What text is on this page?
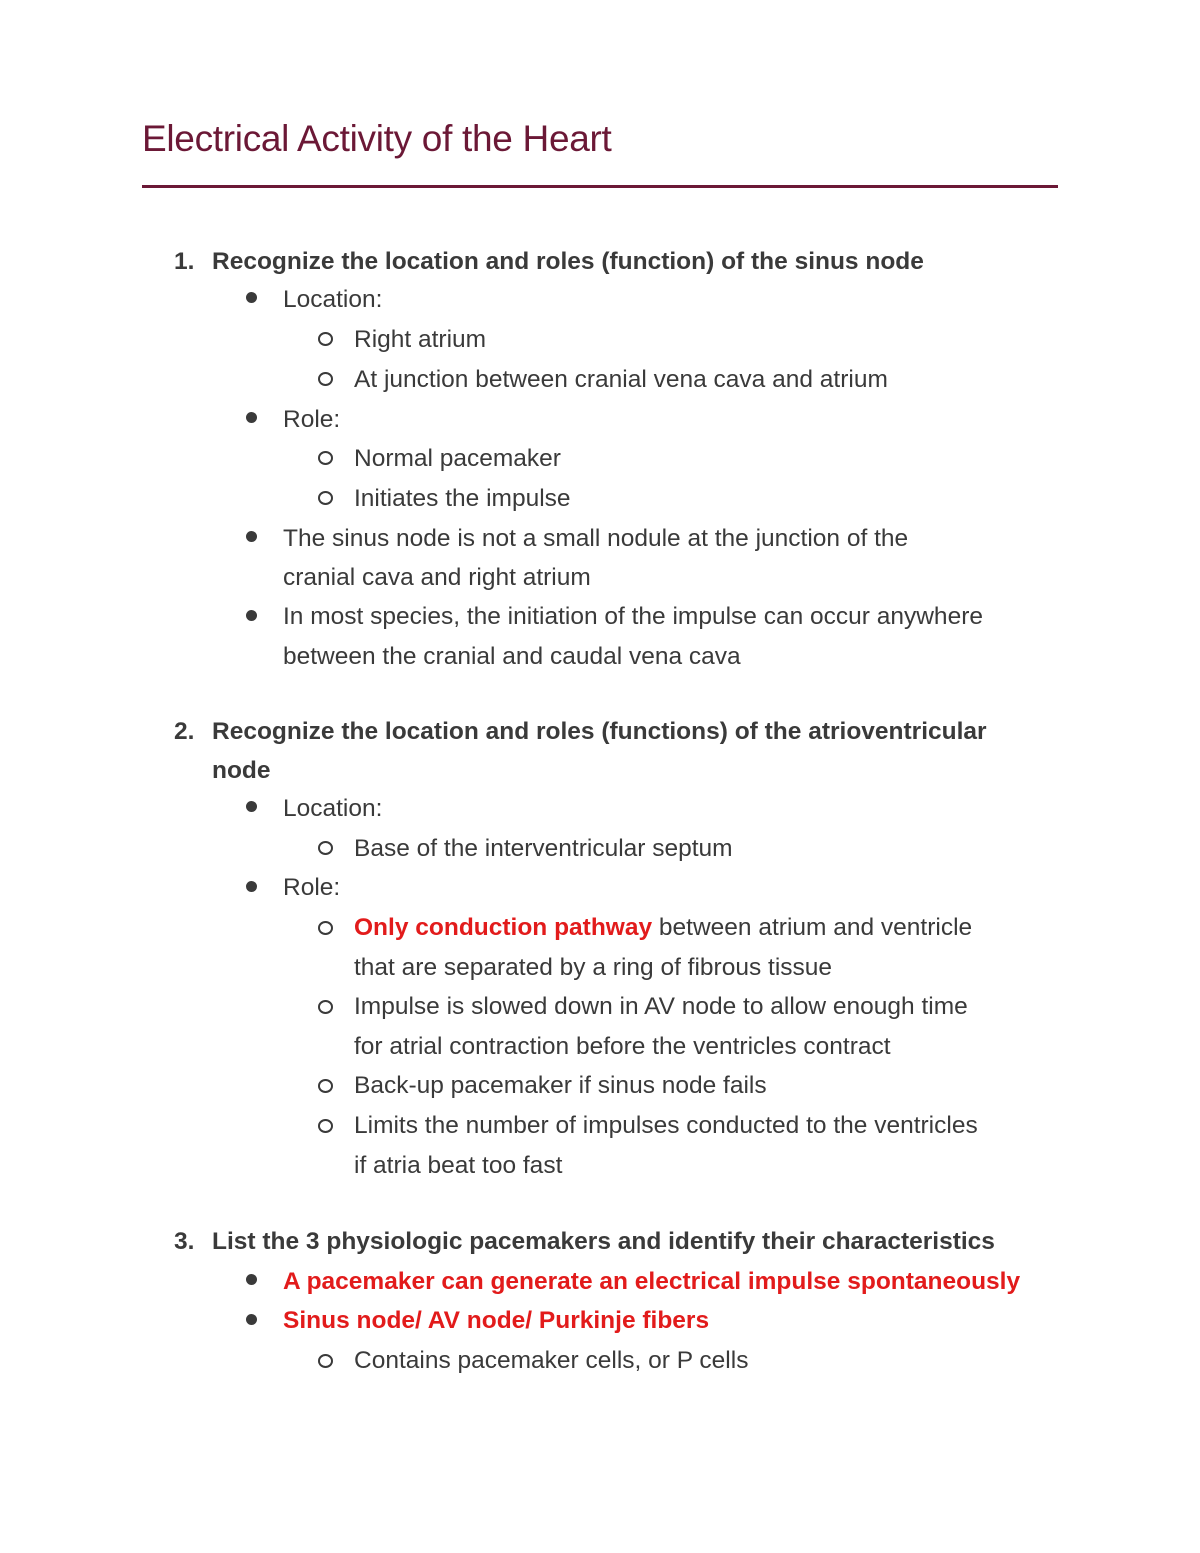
Electrical Activity of the Heart
1. Recognize the location and roles (function) of the sinus node
Location:
Right atrium
At junction between cranial vena cava and atrium
Role:
Normal pacemaker
Initiates the impulse
The sinus node is not a small nodule at the junction of the
cranial cava and right atrium
In most species, the initiation of the impulse can occur anywhere
between the cranial and caudal vena cava
2. Recognize the location and roles (functions) of the atrioventricular
node
Location:
Base of the interventricular septum
Role:
Only conduction pathway between atrium and ventricle
that are separated by a ring of fibrous tissue
Impulse is slowed down in AV node to allow enough time
for atrial contraction before the ventricles contract
Back-up pacemaker if sinus node fails
Limits the number of impulses conducted to the ventricles
if atria beat too fast
3. List the 3 physiologic pacemakers and identify their characteristics
A pacemaker can generate an electrical impulse spontaneously
Sinus node/ AV node/ Purkinje fibers
Contains pacemaker cells, or P cells
